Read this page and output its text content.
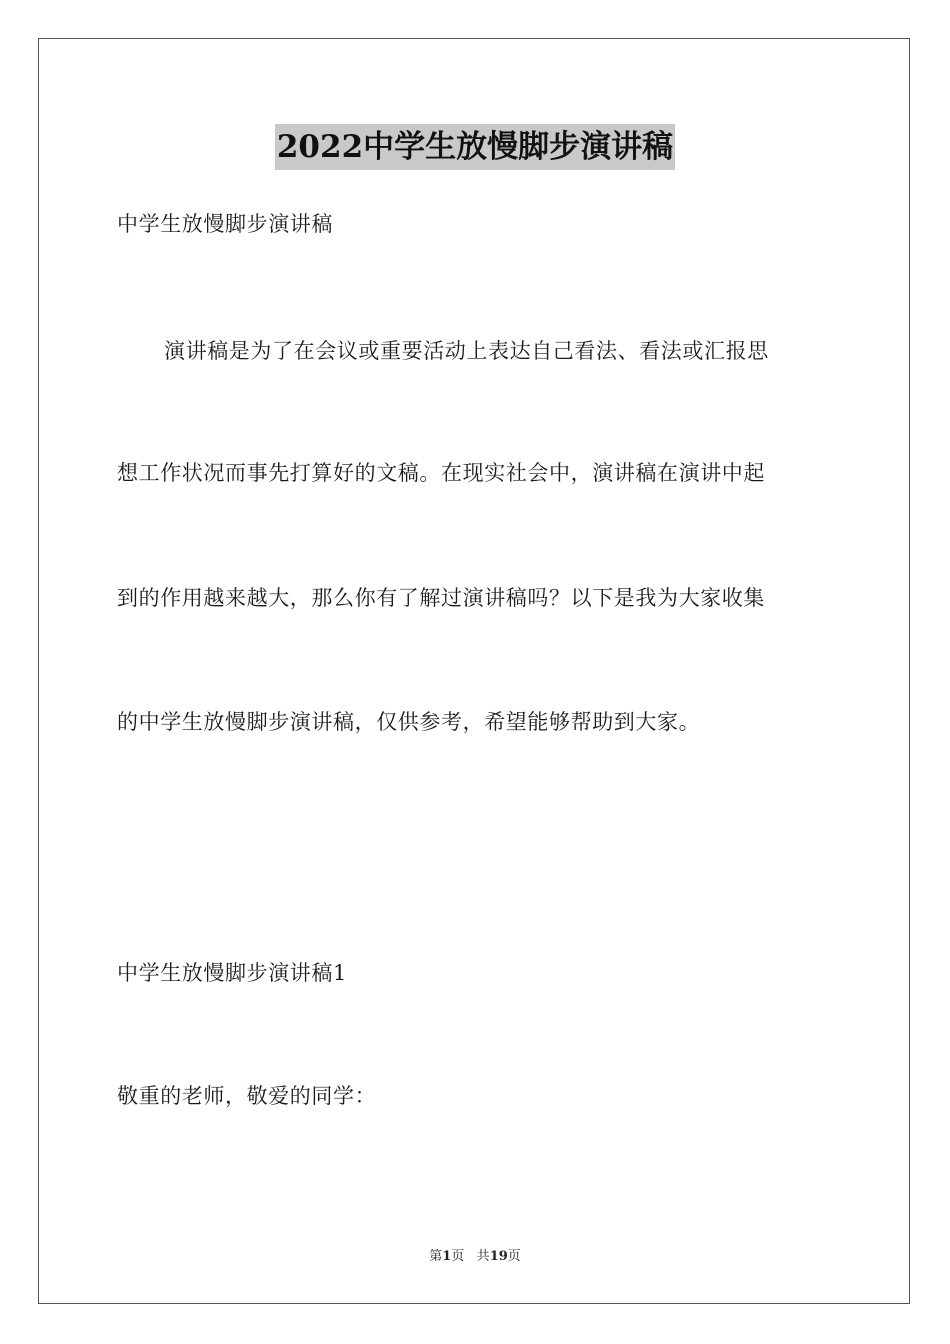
2022中学生放慢脚步演讲稿
中学生放慢脚步演讲稿
演讲稿是为了在会议或重要活动上表达自己看法、看法或汇报思
想工作状况而事先打算好的文稿。在现实社会中，演讲稿在演讲中起
到的作用越来越大，那么你有了解过演讲稿吗？以下是我为大家收集
的中学生放慢脚步演讲稿，仅供参考，希望能够帮助到大家。
中学生放慢脚步演讲稿1
敬重的老师，敬爱的同学：
第1页 共19页
